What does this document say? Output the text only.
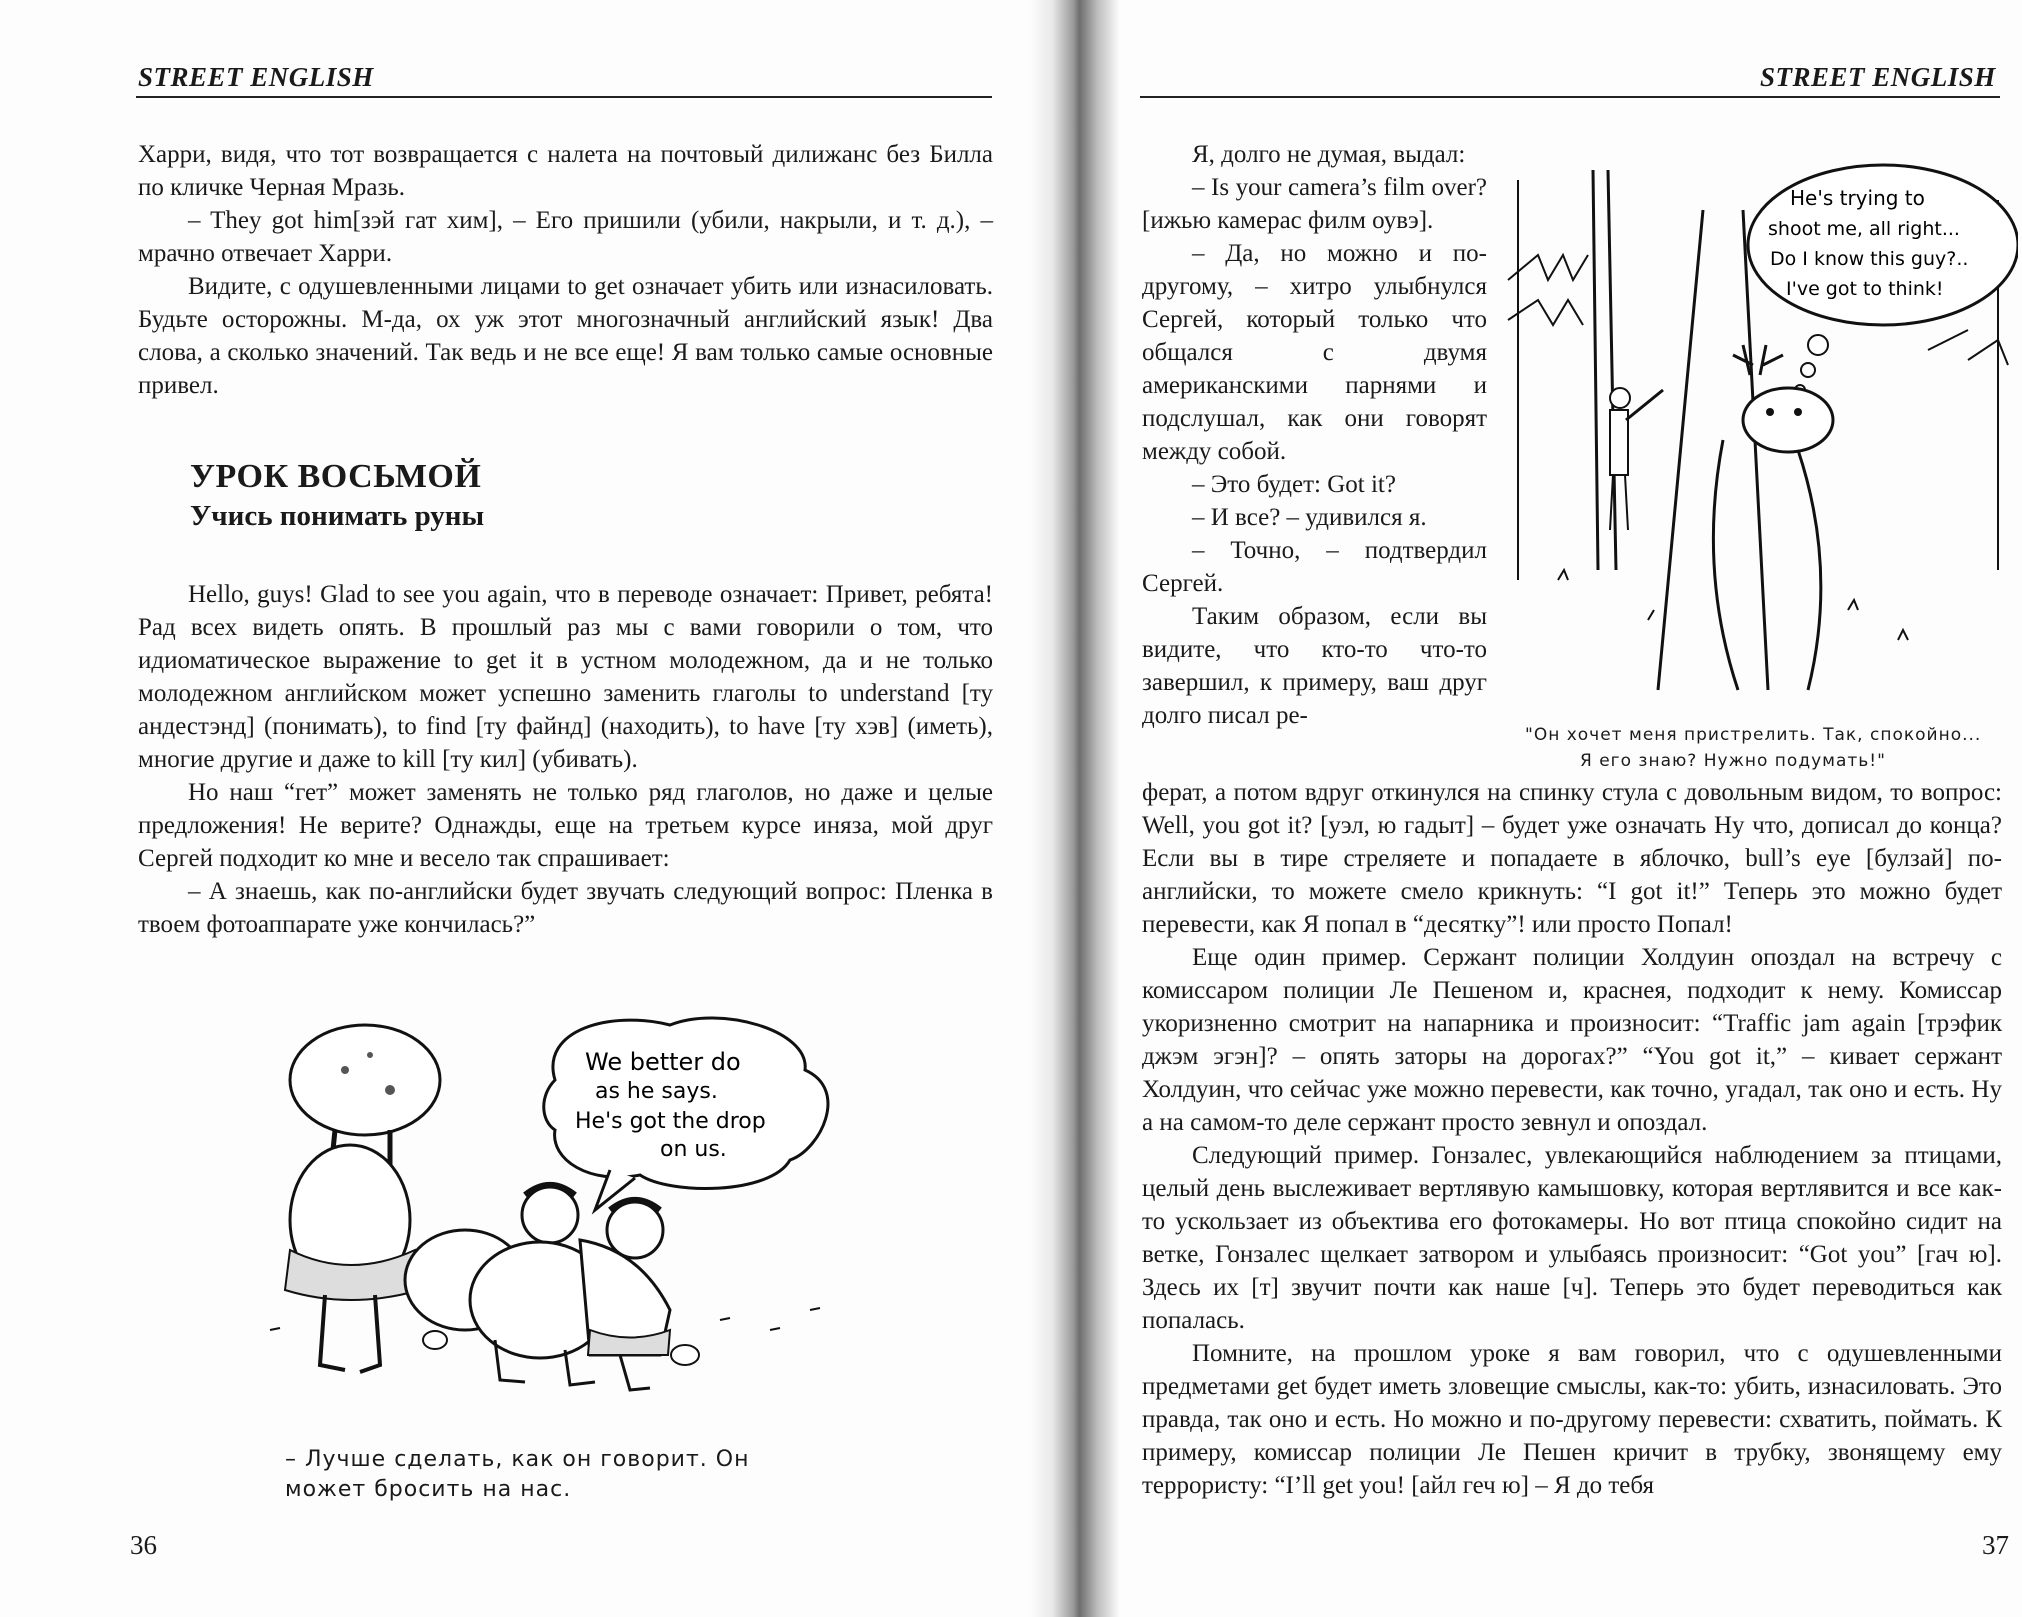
STREET ENGLISH

Харри, видя, что тот возвращается с налета на почтовый дилижанс без Билла по кличке Черная Мразь.

– They got him[зэй гат хим], – Его пришили (убили, накрыли, и т. д.), – мрачно отвечает Харри.

Видите, с одушевленными лицами to get означает убить или изнасиловать. Будьте осторожны. М-да, ох уж этот многозначный английский язык! Два слова, а сколько значений. Так ведь и не все еще! Я вам только самые основные привел.

УРОК ВОСЬМОЙ
Учись понимать руны

Hello, guys! Glad to see you again, что в переводе означает: Привет, ребята! Рад всех видеть опять. В прошлый раз мы с вами говорили о том, что идиоматическое выражение to get it в устном молодежном, да и не только молодежном английском может успешно заменить глаголы to understand [ту андестэнд] (понимать), to find [ту файнд] (находить), to have [ту хэв] (иметь), многие другие и даже to kill [ту кил] (убивать).

Но наш “гет” может заменять не только ряд глаголов, но даже и целые предложения! Не верите? Однажды, еще на третьем курсе иняза, мой друг Сергей подходит ко мне и весело так спрашивает:

– А знаешь, как по-английски будет звучать следующий вопрос: Пленка в твоем фотоаппарате уже кончилась?”

We better do
as he says.
He's got the drop
on us.
– Лучше сделать, как он говорит. Он
может бросить на нас.
36
STREET ENGLISH

Я, долго не думая, выдал:

– Is your camera’s film over? [ижью камерас филм оувэ].

– Да, но можно и по-другому, – хитро улыбнулся Сергей, который только что общался с двумя американскими парнями и подслушал, как они говорят между собой.

– Это будет: Got it?

– И все? – удивился я.

– Точно, – подтвердил Сергей.

Таким образом, если вы видите, что кто-то что-то завершил, к примеру, ваш друг долго писал ре-

He's trying to
shoot me, all right...
Do I know this guy?..
I've got to think!
"Он хочет меня пристрелить. Так, спокойно...
Я его знаю? Нужно подумать!"

ферат, а потом вдруг откинулся на спинку стула с довольным видом, то вопрос: Well, you got it? [уэл, ю гадыт] – будет уже означать Ну что, дописал до конца? Если вы в тире стреляете и попадаете в яблочко, bull’s eye [булзай] по-английски, то можете смело крикнуть: “I got it!” Теперь это можно будет перевести, как Я попал в “десятку”! или просто Попал!

Еще один пример. Сержант полиции Холдуин опоздал на встречу с комиссаром полиции Ле Пешеном и, краснея, подходит к нему. Комиссар укоризненно смотрит на напарника и произносит: “Traffic jam again [трэфик джэм эгэн]? – опять заторы на дорогах?” “You got it,” – кивает сержант Холдуин, что сейчас уже можно перевести, как точно, угадал, так оно и есть. Ну а на самом-то деле сержант просто зевнул и опоздал.

Следующий пример. Гонзалес, увлекающийся наблюдением за птицами, целый день выслеживает вертлявую камышовку, которая вертлявится и все как-то ускользает из объектива его фотокамеры. Но вот птица спокойно сидит на ветке, Гонзалес щелкает затвором и улыбаясь произносит: “Got you” [гач ю]. Здесь их [т] звучит почти как наше [ч]. Теперь это будет переводиться как попалась.

Помните, на прошлом уроке я вам говорил, что с одушевленными предметами get будет иметь зловещие смыслы, как-то: убить, изнасиловать. Это правда, так оно и есть. Но можно и по-другому перевести: схватить, поймать. К примеру, комиссар полиции Ле Пешен кричит в трубку, звонящему ему террористу: “I’ll get you! [айл геч ю] – Я до тебя

37
